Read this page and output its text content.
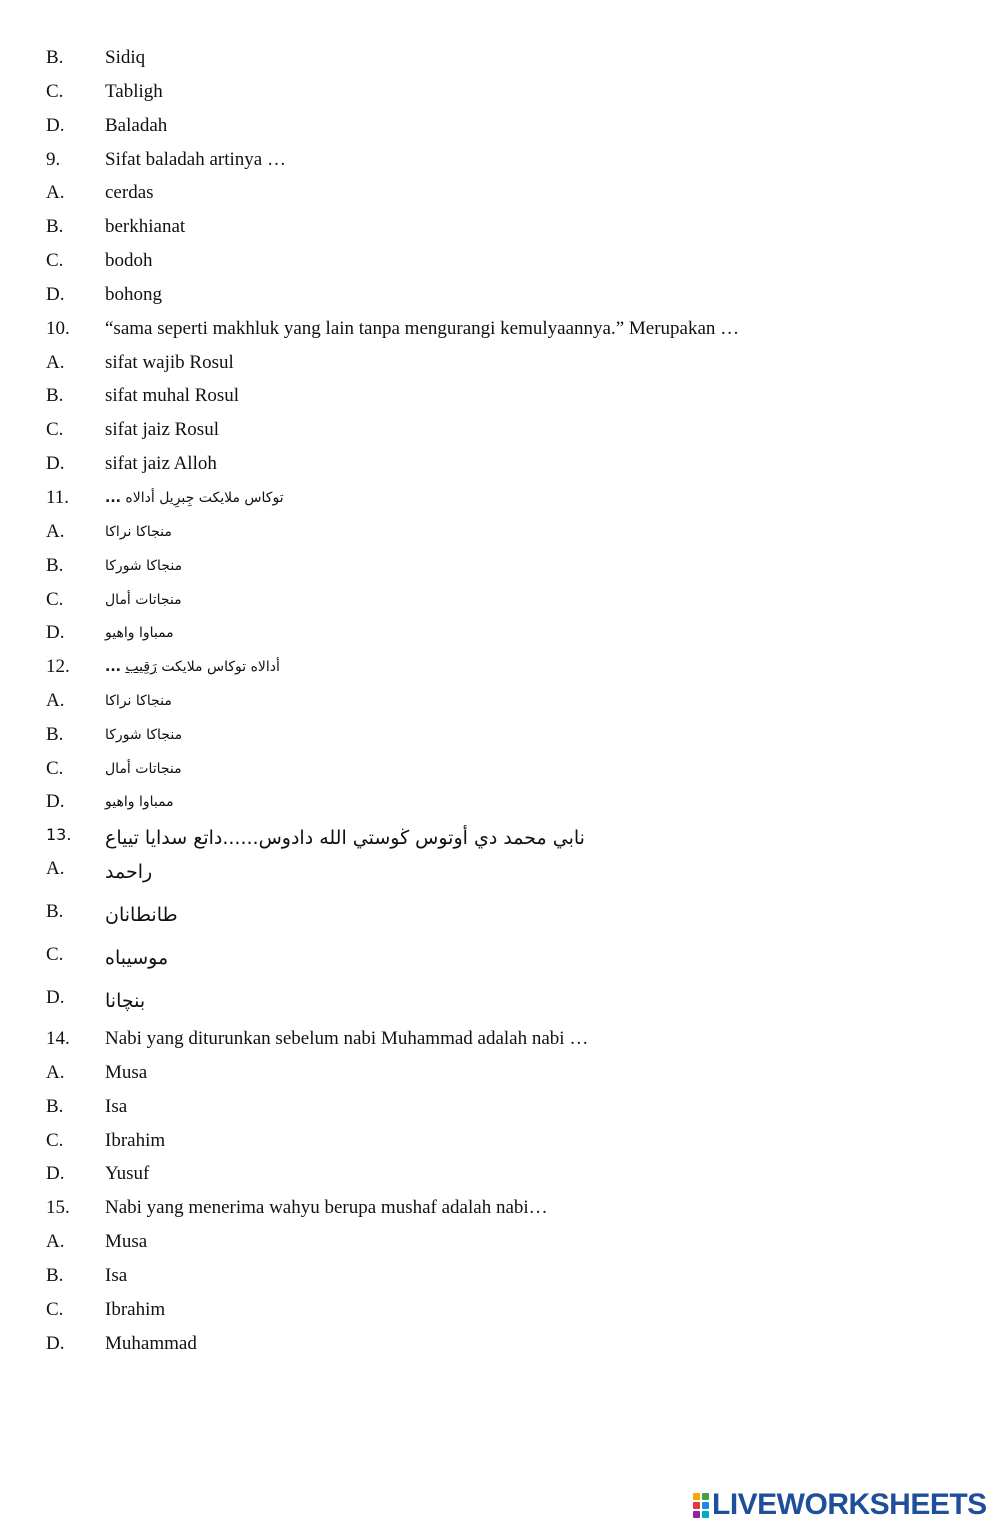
B. Sidiq
C. Tabligh
D. Baladah
9. Sifat baladah artinya …
A. cerdas
B. berkhianat
C. bodoh
D. bohong
10. “sama seperti makhluk yang lain tanpa mengurangi kemulyaannya.” Merupakan …
A. sifat wajib Rosul
B. sifat muhal Rosul
C. sifat jaiz Rosul
D. sifat jaiz Alloh
11.	... توكاس ملايكت جِبرِيل أدالاه
A.	منجاكا نراكا
B.	منجاكا شوركا
C.	منجاتات أمال
D.	ممباوا واهيو
12.	...	أدالاه توكاس ملايكت رَقِيب
A.	منجاكا نراكا
B.	منجاكا شوركا
C.	منجاتات أمال
D.	ممباوا واهيو
13. نابي محمد دي أوتوس ڬوستي الله دادوس......داتع سدايا تيياع
A. راحمد
B. طانطانان
C. موسيباه
D. بنچانا
14. Nabi yang diturunkan sebelum nabi Muhammad adalah nabi …
A. Musa
B. Isa
C. Ibrahim
D. Yusuf
15. Nabi yang menerima wahyu berupa mushaf adalah nabi…
A. Musa
B. Isa
C. Ibrahim
D. Muhammad
LIVEWORKSHEETS
